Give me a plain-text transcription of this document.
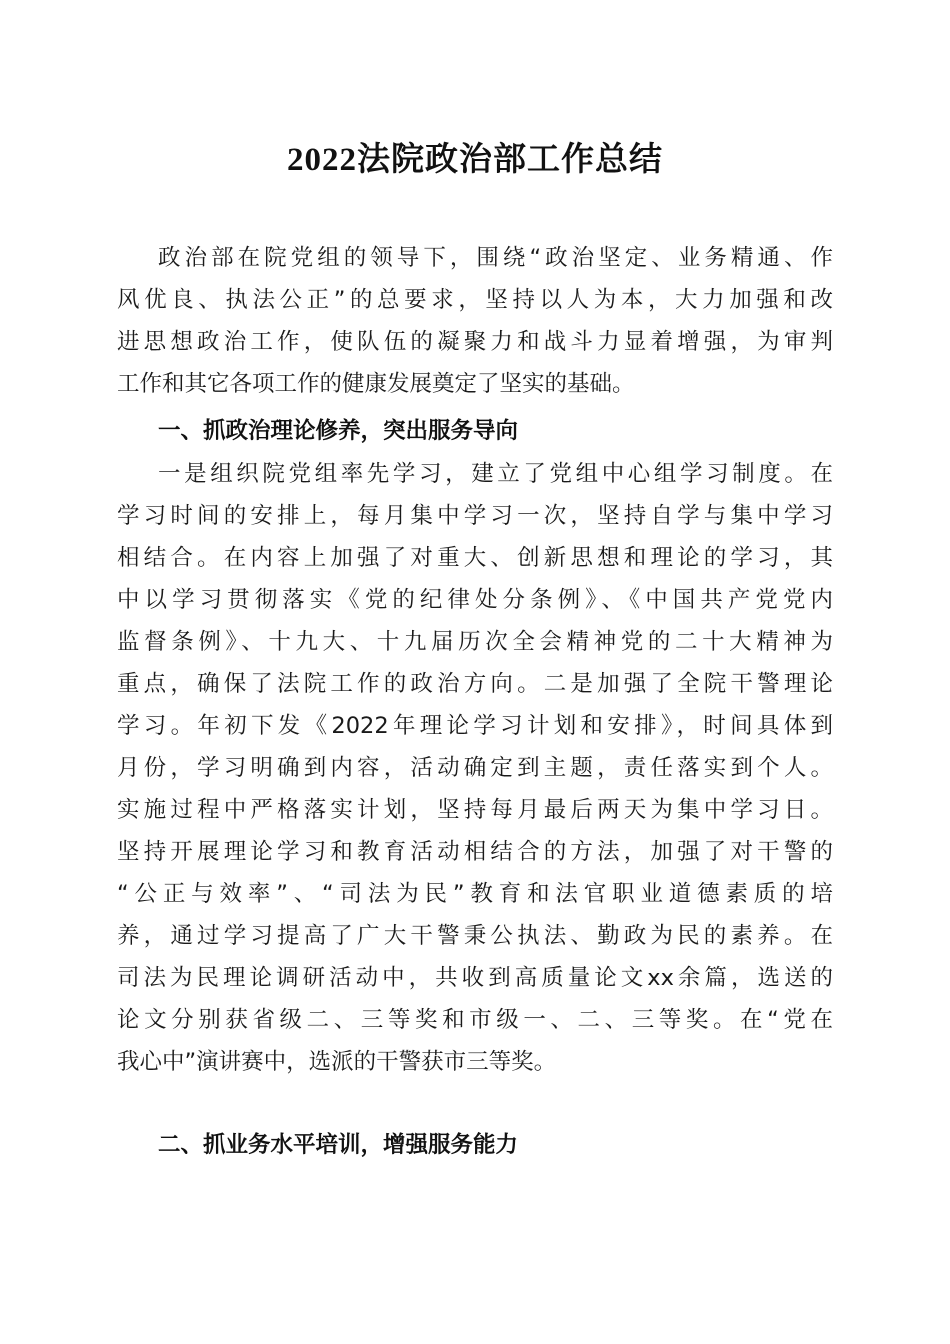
2022法院政治部工作总结
政治部在院党组的领导下，围绕“政治坚定、业务精通、作
风优良、执法公正”的总要求，坚持以人为本，大力加强和改
进思想政治工作，使队伍的凝聚力和战斗力显着增强，为审判
工作和其它各项工作的健康发展奠定了坚实的基础。
一、抓政治理论修养，突出服务导向
一是组织院党组率先学习，建立了党组中心组学习制度。在
学习时间的安排上，每月集中学习一次，坚持自学与集中学习
相结合。在内容上加强了对重大、创新思想和理论的学习，其
中以学习贯彻落实《党的纪律处分条例》、《中国共产党党内
监督条例》、十九大、十九届历次全会精神党的二十大精神为
重点，确保了法院工作的政治方向。二是加强了全院干警理论
学习。年初下发《2022年理论学习计划和安排》，时间具体到
月份，学习明确到内容，活动确定到主题，责任落实到个人。
实施过程中严格落实计划，坚持每月最后两天为集中学习日。
坚持开展理论学习和教育活动相结合的方法，加强了对干警的
“公正与效率”、“司法为民”教育和法官职业道德素质的培
养，通过学习提高了广大干警秉公执法、勤政为民的素养。在
司法为民理论调研活动中，共收到高质量论文xx余篇，选送的
论文分别获省级二、三等奖和市级一、二、三等奖。在“党在
我心中”演讲赛中，选派的干警获市三等奖。
二、抓业务水平培训，增强服务能力
